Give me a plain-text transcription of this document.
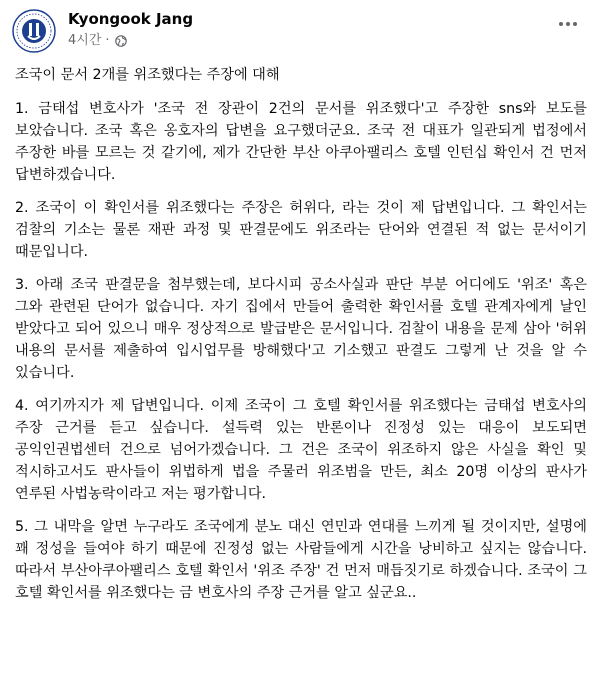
Kyongook Jang
4시간 ·

조국이 문서 2개를 위조했다는 주장에 대해

1. 금태섭 변호사가 '조국 전 장관이 2건의 문서를 위조했다'고 주장한 sns와 보도를 보았습니다. 조국 혹은 옹호자의 답변을 요구했더군요. 조국 전 대표가 일관되게 법정에서 주장한 바를 모르는 것 같기에, 제가 간단한 부산 아쿠아팰리스 호텔 인턴십 확인서 건 먼저 답변하겠습니다.

2. 조국이 이 확인서를 위조했다는 주장은 허위다, 라는 것이 제 답변입니다. 그 확인서는 검찰의 기소는 물론 재판 과정 및 판결문에도 위조라는 단어와 연결된 적 없는 문서이기 때문입니다.

3. 아래 조국 판결문을 첨부했는데, 보다시피 공소사실과 판단 부분 어디에도 '위조' 혹은 그와 관련된 단어가 없습니다. 자기 집에서 만들어 출력한 확인서를 호텔 관계자에게 날인 받았다고 되어 있으니 매우 정상적으로 발급받은 문서입니다. 검찰이 내용을 문제 삼아 '허위 내용의 문서를 제출하여 입시업무를 방해했다'고 기소했고 판결도 그렇게 난 것을 알 수 있습니다.

4. 여기까지가 제 답변입니다. 이제 조국이 그 호텔 확인서를 위조했다는 금태섭 변호사의 주장 근거를 듣고 싶습니다. 설득력 있는 반론이나 진정성 있는 대응이 보도되면 공익인권법센터 건으로 넘어가겠습니다. 그 건은 조국이 위조하지 않은 사실을 확인 및 적시하고서도 판사들이 위법하게 법을 주물러 위조범을 만든, 최소 20명 이상의 판사가 연루된 사법농락이라고 저는 평가합니다.

5. 그 내막을 알면 누구라도 조국에게 분노 대신 연민과 연대를 느끼게 될 것이지만, 설명에 꽤 정성을 들여야 하기 때문에 진정성 없는 사람들에게 시간을 낭비하고 싶지는 않습니다. 따라서 부산아쿠아팰리스 호텔 확인서 '위조 주장' 건 먼저 매듭짓기로 하겠습니다. 조국이 그 호텔 확인서를 위조했다는 금 변호사의 주장 근거를 알고 싶군요..
